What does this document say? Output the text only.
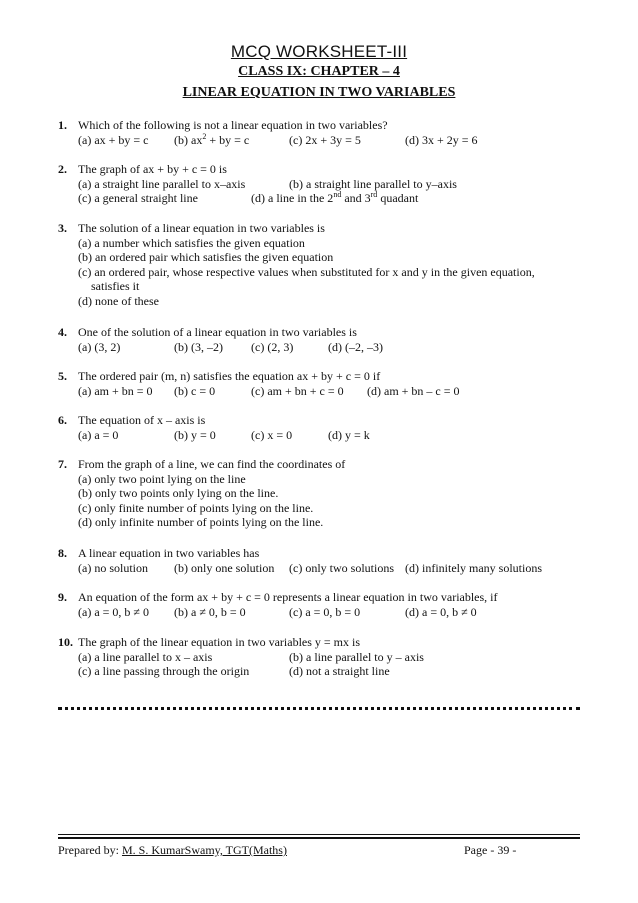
MCQ WORKSHEET-III
CLASS IX: CHAPTER – 4
LINEAR EQUATION IN TWO VARIABLES
1. Which of the following is not a linear equation in two variables?
(a) ax + by = c (b) $ax^2$ + by = c	(c) 2x + 3y = 5	(d) 3x + 2y = 6
2. The graph of ax + by + c = 0 is
(a) a straight line parallel to x–axis	(b) a straight line parallel to y–axis
(c) a general straight line	(d) a line in the 2nd and 3rd quadant
3. The solution of a linear equation in two variables is
(a) a number which satisfies the given equation
(b) an ordered pair which satisfies the given equation
(c) an ordered pair, whose respective values when substituted for x and y in the given equation,
satisfies it
(d) none of these
4. One of the solution of a linear equation in two variables is
(a) (3, 2)	(b) (3, –2) (c) (2, 3)	(d) (–2, –3)
5. The ordered pair (m, n) satisfies the equation ax + by + c = 0 if
(a) am + bn = 0 (b) c = 0	(c) am + bn + c = 0 (d) am + bn – c = 0
6. The equation of x – axis is
(a) a = 0	(b) y = 0	(c) x = 0	(d) y = k
7. From the graph of a line, we can find the coordinates of
(a) only two point lying on the line
(b) only two points only lying on the line.
(c) only finite number of points lying on the line.
(d) only infinite number of points lying on the line.
8. A linear equation in two variables has
(a) no solution (b) only one solution (c) only two solutions (d) infinitely many solutions
9. An equation of the form ax + by + c = 0 represents a linear equation in two variables, if
(a) a = 0, b ≠ 0 (b) a ≠ 0, b = 0	(c) a = 0, b = 0	(d) a = 0, b ≠ 0
10. The graph of the linear equation in two variables y = mx is
(a) a line parallel to x – axis	(b) a line parallel to y – axis
(c) a line passing through the origin	(d) not a straight line
Prepared by: M. S. KumarSwamy, TGT(Maths)	Page - 39 -
